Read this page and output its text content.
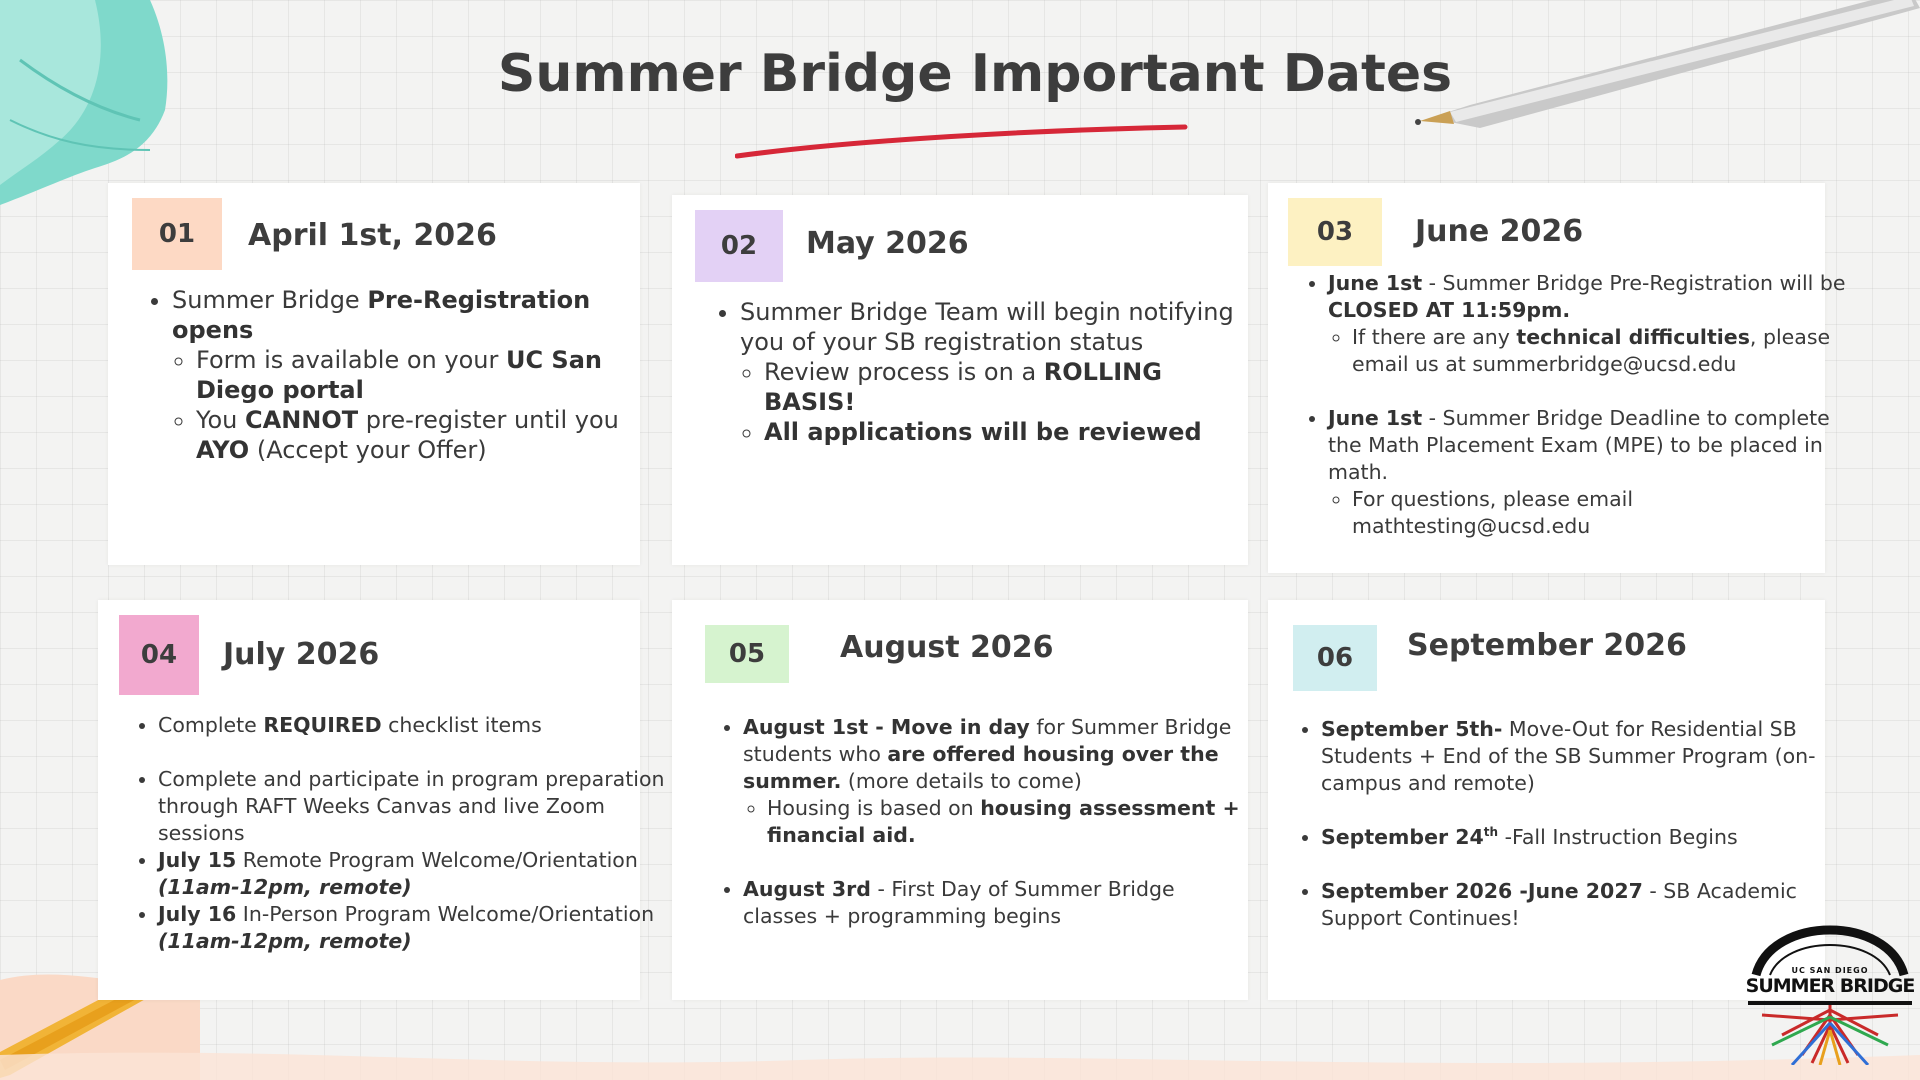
Summer Bridge Important Dates
01	April 1st, 2026
• Summer Bridge Pre-Registration opens
◦ Form is available on your UC San Diego portal
◦ You CANNOT pre-register until you AYO (Accept your Offer)
02	May 2026
• Summer Bridge Team will begin notifying you of your SB registration status
◦ Review process is on a ROLLING BASIS!
◦ All applications will be reviewed
03	June 2026
• June 1st - Summer Bridge Pre-Registration will be CLOSED AT 11:59pm.
◦ If there are any technical difficulties, please email us at summerbridge@ucsd.edu
• June 1st - Summer Bridge Deadline to complete the Math Placement Exam (MPE) to be placed in math.
◦ For questions, please email mathtesting@ucsd.edu
04	July 2026
• Complete REQUIRED checklist items
• Complete and participate in program preparation through RAFT Weeks Canvas and live Zoom sessions
• July 15 Remote Program Welcome/Orientation (11am-12pm, remote)
• July 16 In-Person Program Welcome/Orientation (11am-12pm, remote)
05	August 2026
• August 1st - Move in day for Summer Bridge students who are offered housing over the summer. (more details to come)
◦ Housing is based on housing assessment + financial aid.
• August 3rd - First Day of Summer Bridge classes + programming begins
06	September 2026
• September 5th- Move-Out for Residential SB Students + End of the SB Summer Program (on-campus and remote)
• September 24th -Fall Instruction Begins
• September 2026 -June 2027 - SB Academic Support Continues!
UC SAN DIEGO
SUMMER BRIDGE
